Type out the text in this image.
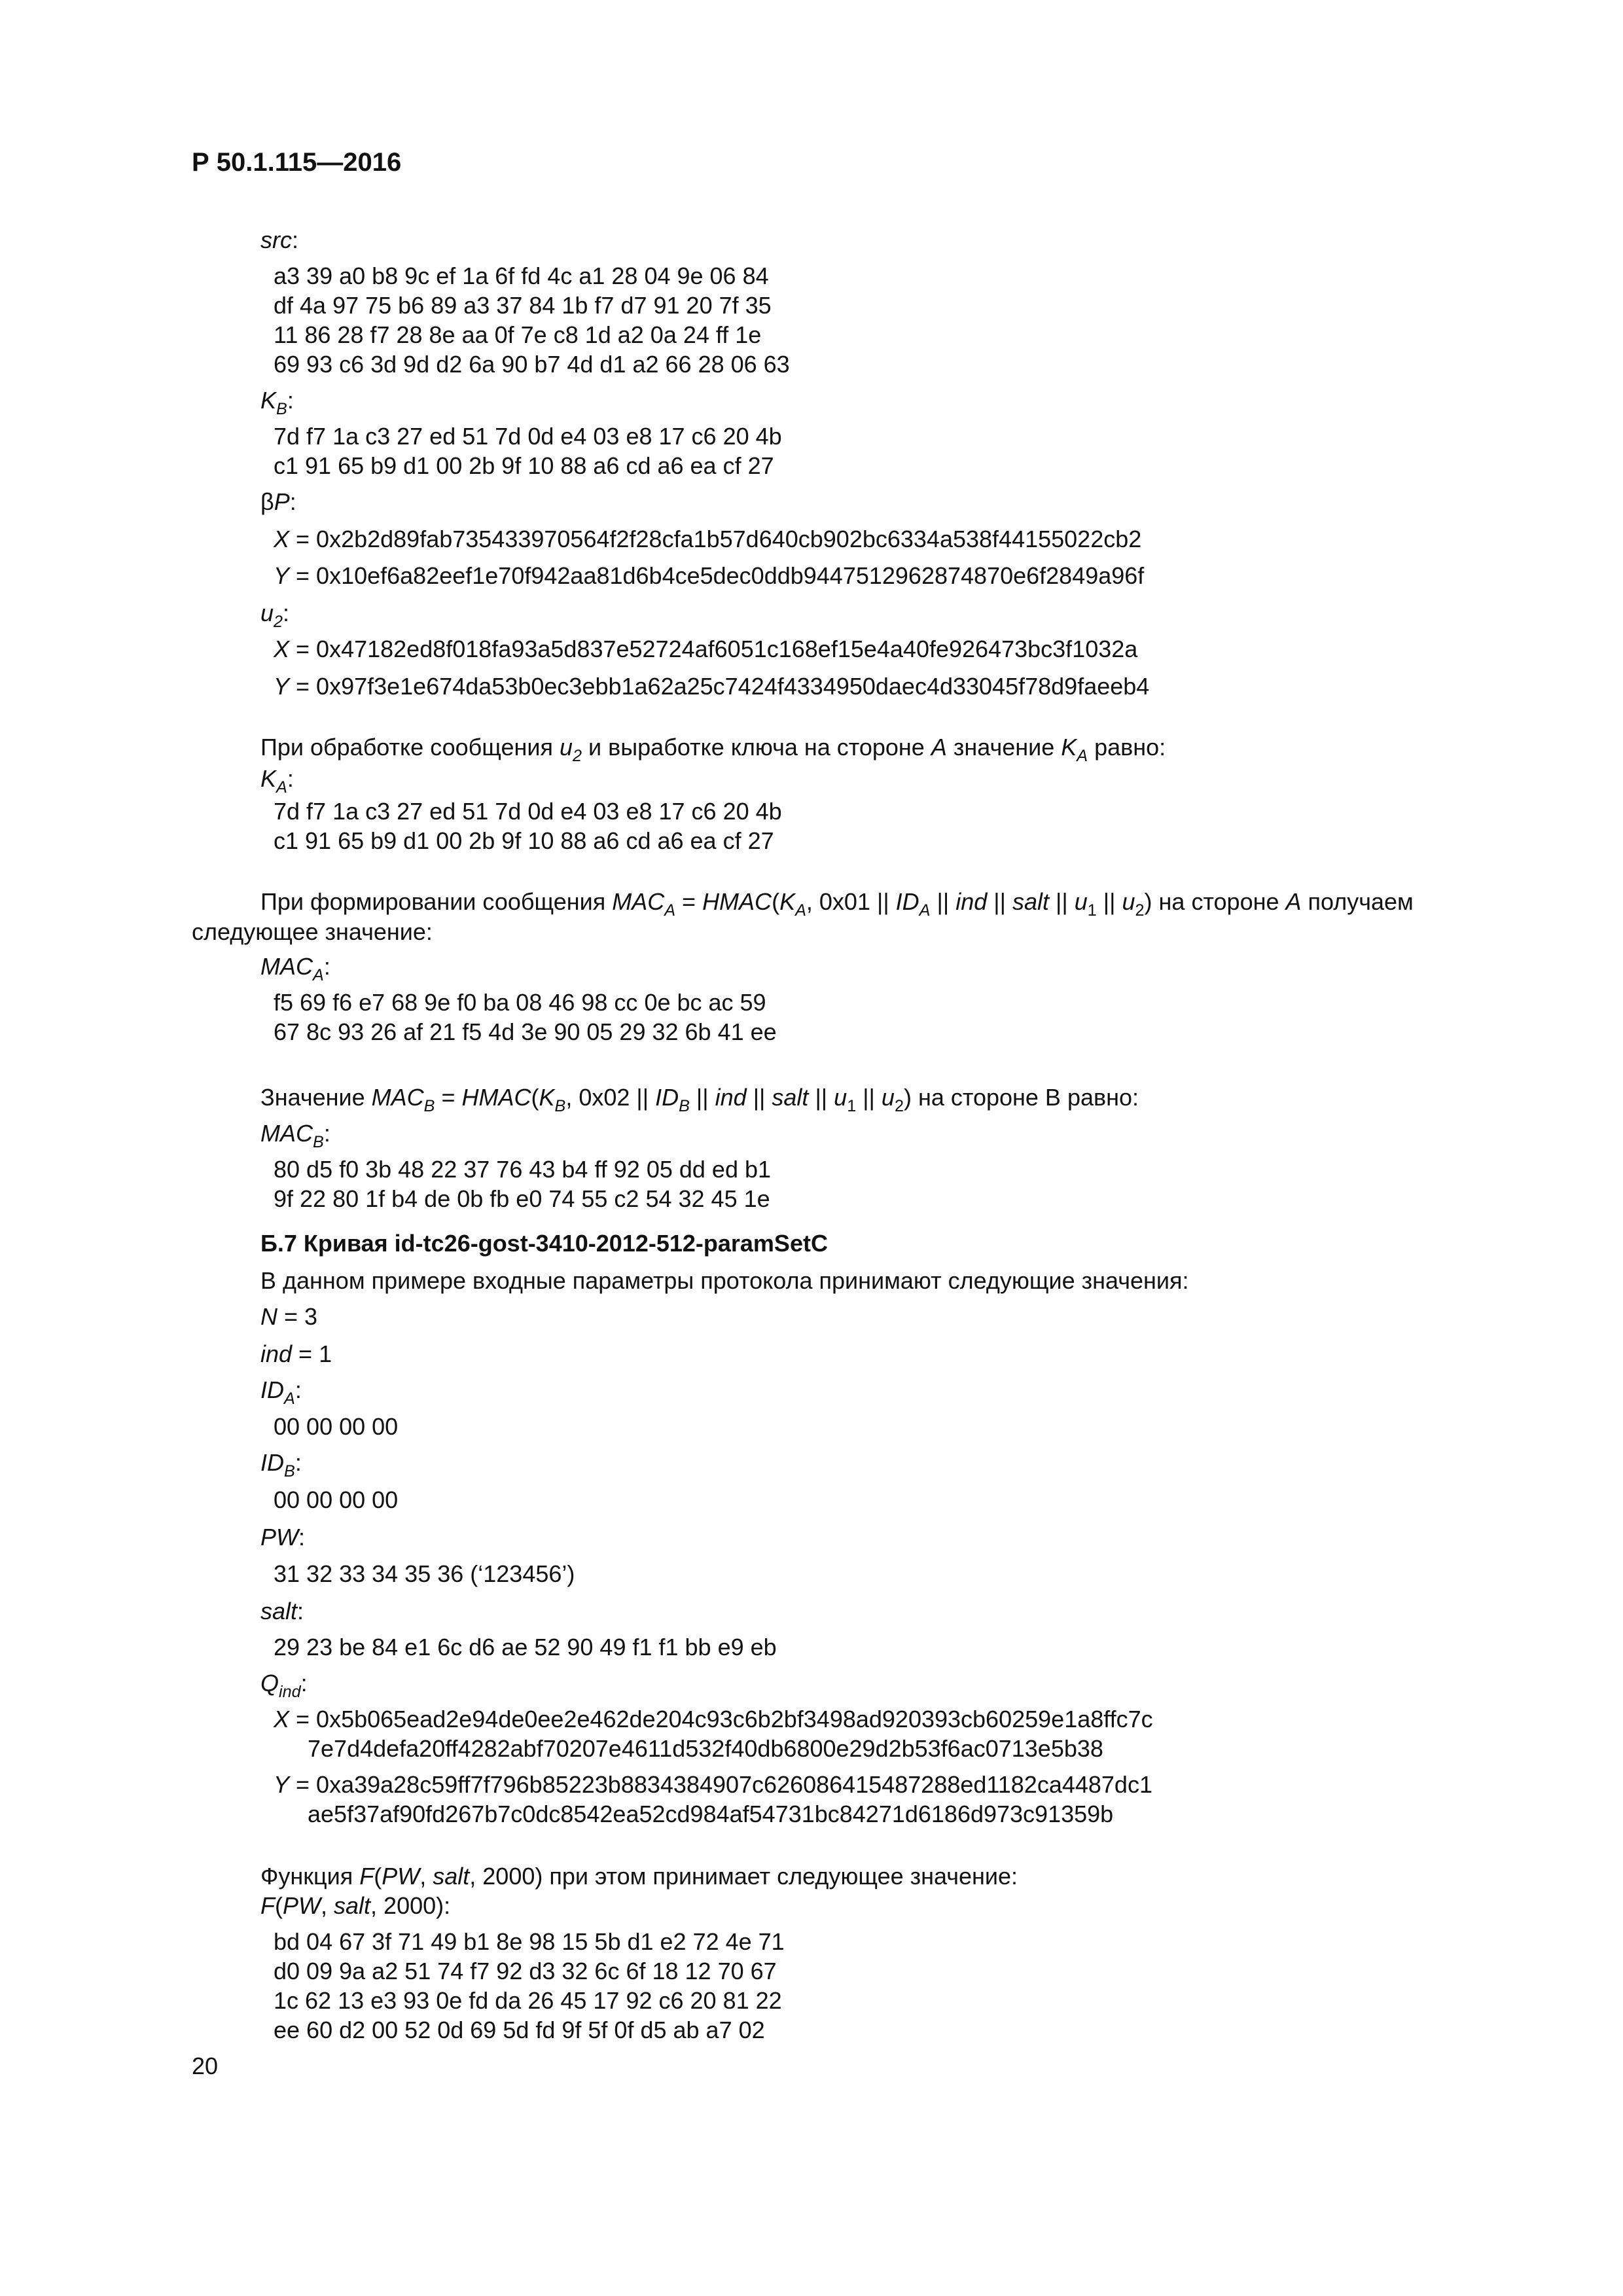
Р 50.1.115—2016
src:
a3 39 a0 b8 9c ef 1a 6f fd 4c a1 28 04 9e 06 84
df 4a 97 75 b6 89 a3 37 84 1b f7 d7 91 20 7f 35
11 86 28 f7 28 8e aa 0f 7e c8 1d a2 0a 24 ff 1e
69 93 c6 3d 9d d2 6a 90 b7 4d d1 a2 66 28 06 63
$K_B$:
7d f7 1a c3 27 ed 51 7d 0d e4 03 e8 17 c6 20 4b
c1 91 65 b9 d1 00 2b 9f 10 88 a6 cd a6 ea cf 27
βP:
X = 0x2b2d89fab735433970564f2f28cfa1b57d640cb902bc6334a538f44155022cb2
Y = 0x10ef6a82eef1e70f942aa81d6b4ce5dec0ddb9447512962874870e6f2849a96f
$u_2$:
X = 0x47182ed8f018fa93a5d837e52724af6051c168ef15e4a40fe926473bc3f1032a
Y = 0x97f3e1e674da53b0ec3ebb1a62a25c7424f4334950daec4d33045f78d9faeeb4
При обработке сообщения $u_2$ и выработке ключа на стороне A значение $K_A$ равно:
$K_A$:
7d f7 1a c3 27 ed 51 7d 0d e4 03 e8 17 c6 20 4b
c1 91 65 b9 d1 00 2b 9f 10 88 a6 cd a6 ea cf 27
При формировании сообщения $MAC_A$ = $HMAC(K_A$, 0x01 || $ID_A$ || ind || salt || $u_1$ || $u_2$) на стороне A получаем
следующее значение:
$MAC_A$:
f5 69 f6 e7 68 9e f0 ba 08 46 98 cc 0e bc ac 59
67 8c 93 26 af 21 f5 4d 3e 90 05 29 32 6b 41 ee
Значение $MAC_B$ = $HMAC(K_B$, 0x02 || $ID_B$ || ind || salt || $u_1$ || $u_2$) на стороне В равно:
$MAC_B$:
80 d5 f0 3b 48 22 37 76 43 b4 ff 92 05 dd ed b1
9f 22 80 1f b4 de 0b fb e0 74 55 c2 54 32 45 1e
Б.7 Кривая id-tc26-gost-3410-2012-512-paramSetC
В данном примере входные параметры протокола принимают следующие значения:
N = 3
ind = 1
$ID_A$:
00 00 00 00
$ID_B$:
00 00 00 00
PW:
31 32 33 34 35 36 (‘123456’)
salt:
29 23 be 84 e1 6c d6 ae 52 90 49 f1 f1 bb e9 eb
$Q_{ind}$:
X = 0x5b065ead2e94de0ee2e462de204c93c6b2bf3498ad920393cb60259e1a8ffc7c
7e7d4defa20ff4282abf70207e4611d532f40db6800e29d2b53f6ac0713e5b38
Y = 0xa39a28c59ff7f796b85223b8834384907c626086415487288ed1182ca4487dc1
ae5f37af90fd267b7c0dc8542ea52cd984af54731bc84271d6186d973c91359b
Функция F(PW, salt, 2000) при этом принимает следующее значение:
F(PW, salt, 2000):
bd 04 67 3f 71 49 b1 8e 98 15 5b d1 e2 72 4e 71
d0 09 9a a2 51 74 f7 92 d3 32 6c 6f 18 12 70 67
1c 62 13 e3 93 0e fd da 26 45 17 92 c6 20 81 22
ee 60 d2 00 52 0d 69 5d fd 9f 5f 0f d5 ab a7 02
20
